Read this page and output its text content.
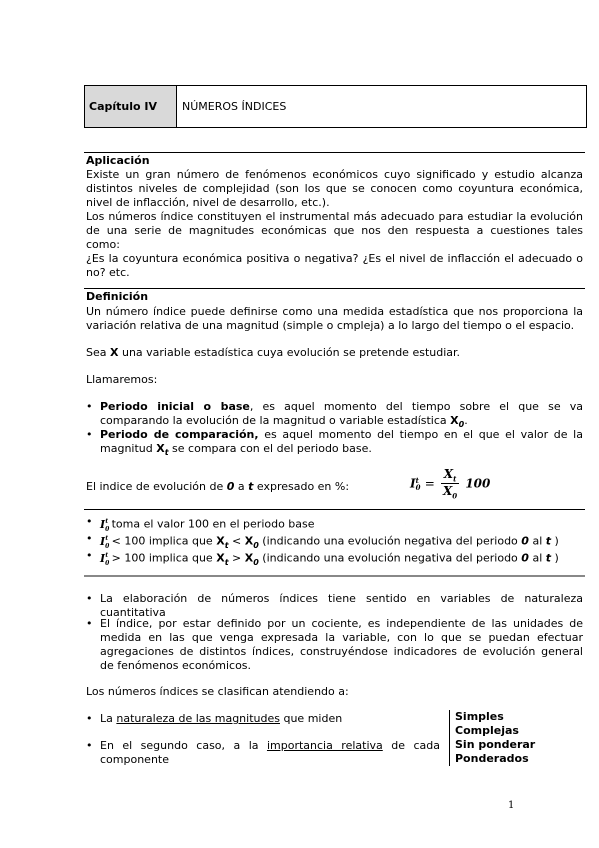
Capítulo IV	NÚMEROS ÍNDICES
Aplicación
Existe un gran número de fenómenos económicos cuyo significado y estudio alcanza
distintos niveles de complejidad (son los que se conocen como coyuntura económica,
nivel de inflacción, nivel de desarrollo, etc.).
Los números índice constituyen el instrumental más adecuado para estudiar la evolución
de una serie de magnitudes económicas que nos den respuesta a cuestiones tales
como:
¿Es la coyuntura económica positiva o negativa? ¿Es el nivel de inflacción el adecuado o
no? etc.
Definición
Un número índice puede definirse como una medida estadística que nos proporciona la
variación relativa de una magnitud (simple o cmpleja) a lo largo del tiempo o el espacio.
Sea X una variable estadística cuya evolución se pretende estudiar.
Llamaremos:
• Periodo inicial o base, es aquel momento del tiempo sobre el que se va
comparando la evolución de la magnitud o variable estadística $X_0$.
• Periodo de comparación, es aquel momento del tiempo en el que el valor de la
magnitud $X_t$ se compara con el del periodo base.
El indice de evolución de 0 a t expresado en %:	I t
$0 = \frac{X_t}{X_0} 100$
• $I_0^t$ toma el valor 100 en el periodo base
• $I_0^t < 100$ implica que $X_t < X_0$ (indicando una evolución negativa del periodo 0 al t )
• $I_0^t > 100$ implica que $X_t > X_0$ (indicando una evolución negativa del periodo 0 al t )
• La elaboración de números índices tiene sentido en variables de naturaleza
cuantitativa
• El índice, por estar definido por un cociente, es independiente de las unidades de
medida en las que venga expresada la variable, con lo que se puedan efectuar
agregaciones de distintos índices, construyéndose indicadores de evolución general
de fenómenos económicos.
Los números índices se clasifican atendiendo a:
• La naturaleza de las magnitudes que miden
• En el segundo caso, a la importancia relativa de cada
componente
Simples
Complejas
Sin ponderar
Ponderados
1
